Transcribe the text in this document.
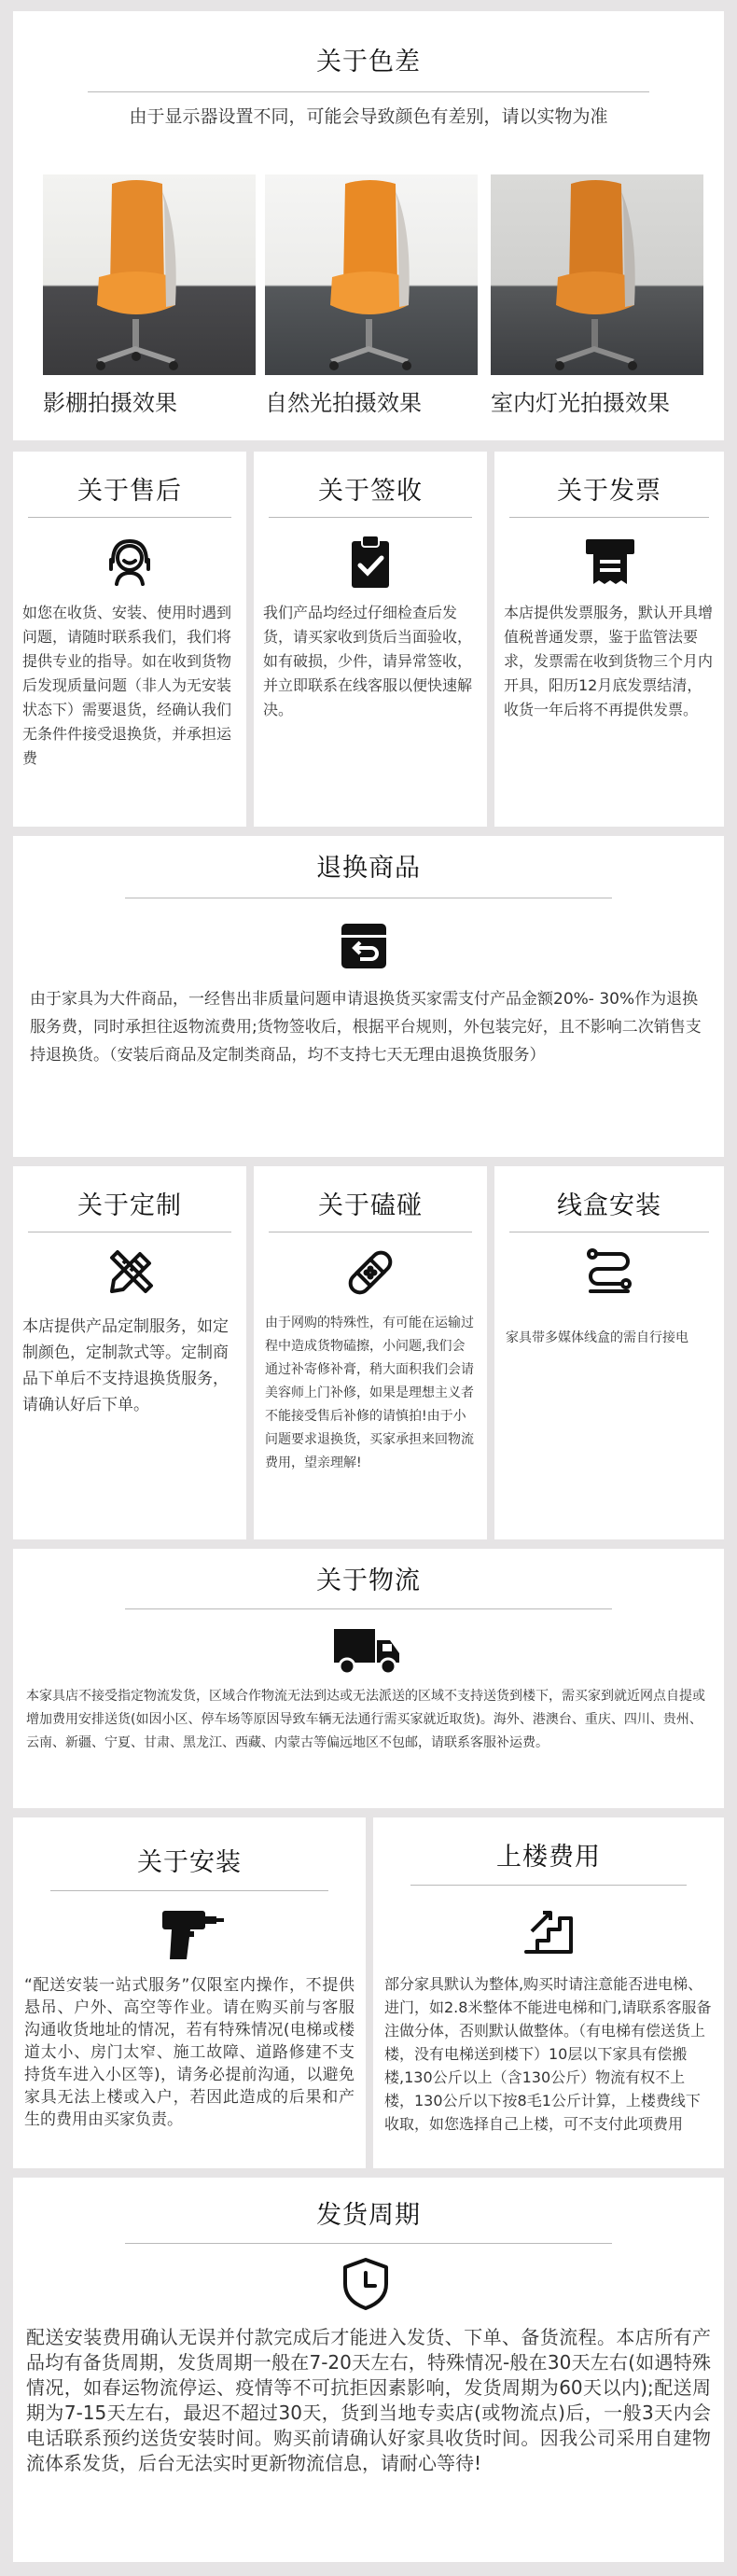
关于色差
由于显示器设置不同，可能会导致颜色有差别，请以实物为准
影棚拍摄效果	自然光拍摄效果	室内灯光拍摄效果
关于售后
如您在收货、安装、使用时遇到问题，请随时联系我们，我们将提供专业的指导。如在收到货物后发现质量问题（非人为无安装状态下）需要退货，经确认我们无条件件接受退换货，并承担运费
关于签收
我们产品均经过仔细检查后发货，请买家收到货后当面验收，如有破损，少件，请异常签收，并立即联系在线客服以便快速解决。
关于发票
本店提供发票服务，默认开具增值税普通发票，鉴于监管法要求，发票需在收到货物三个月内开具，阳历12月底发票结清，收货一年后将不再提供发票。
退换商品
由于家具为大件商品，一经售出非质量问题申请退换货买家需支付产品金额20%- 30%作为退换服务费，同时承担往返物流费用;货物签收后，根据平台规则，外包装完好，且不影响二次销售支持退换货。（安装后商品及定制类商品，均不支持七天无理由退换货服务）
关于定制
本店提供产品定制服务，如定制颜色，定制款式等。定制商品下单后不支持退换货服务，请确认好后下单。
关于磕碰
由于网购的特殊性，有可能在运输过程中造成货物磕擦，小问题,我们会通过补寄修补膏，稍大面积我们会请美容师上门补修，如果是理想主义者不能接受售后补修的请慎拍!由于小问题要求退换货，买家承担来回物流费用，望亲理解!
线盒安装
家具带多媒体线盒的需自行接电
关于物流
本家具店不接受指定物流发货，区域合作物流无法到达或无法派送的区域不支持送货到楼下，需买家到就近网点自提或增加费用安排送货(如因小区、停车场等原因导致车辆无法通行需买家就近取货)。海外、港澳台、重庆、四川、贵州、云南、新疆、宁夏、甘肃、黑龙江、西藏、内蒙古等偏远地区不包邮，请联系客服补运费。
关于安装
“配送安装一站式服务”仅限室内操作，不提供悬吊、户外、高空等作业。请在购买前与客服沟通收货地址的情况，若有特殊情况(电梯或楼道太小、房门太窄、施工故障、道路修建不支持货车进入小区等)，请务必提前沟通，以避免家具无法上楼或入户，若因此造成的后果和产生的费用由买家负责。
上楼费用
部分家具默认为整体,购买时请注意能否进电梯、进门，如2.8米整体不能进电梯和门,请联系客服备注做分体，否则默认做整体。（有电梯有偿送货上楼，没有电梯送到楼下）10层以下家具有偿搬楼,130公斤以上（含130公斤）物流有权不上楼，130公斤以下按8毛1公斤计算，上楼费线下收取，如您选择自己上楼，可不支付此项费用
发货周期
配送安装费用确认无误并付款完成后才能进入发货、下单、备货流程。本店所有产品均有备货周期，发货周期一般在7-20天左右，特殊情况-般在30天左右(如遇特殊情况，如春运物流停运、疫情等不可抗拒因素影响，发货周期为60天以内);配送周期为7-15天左右，最迟不超过30天，货到当地专卖店(或物流点)后，一般3天内会电话联系预约送货安装时间。购买前请确认好家具收货时间。因我公司采用自建物流体系发货，后台无法实时更新物流信息，请耐心等待!
